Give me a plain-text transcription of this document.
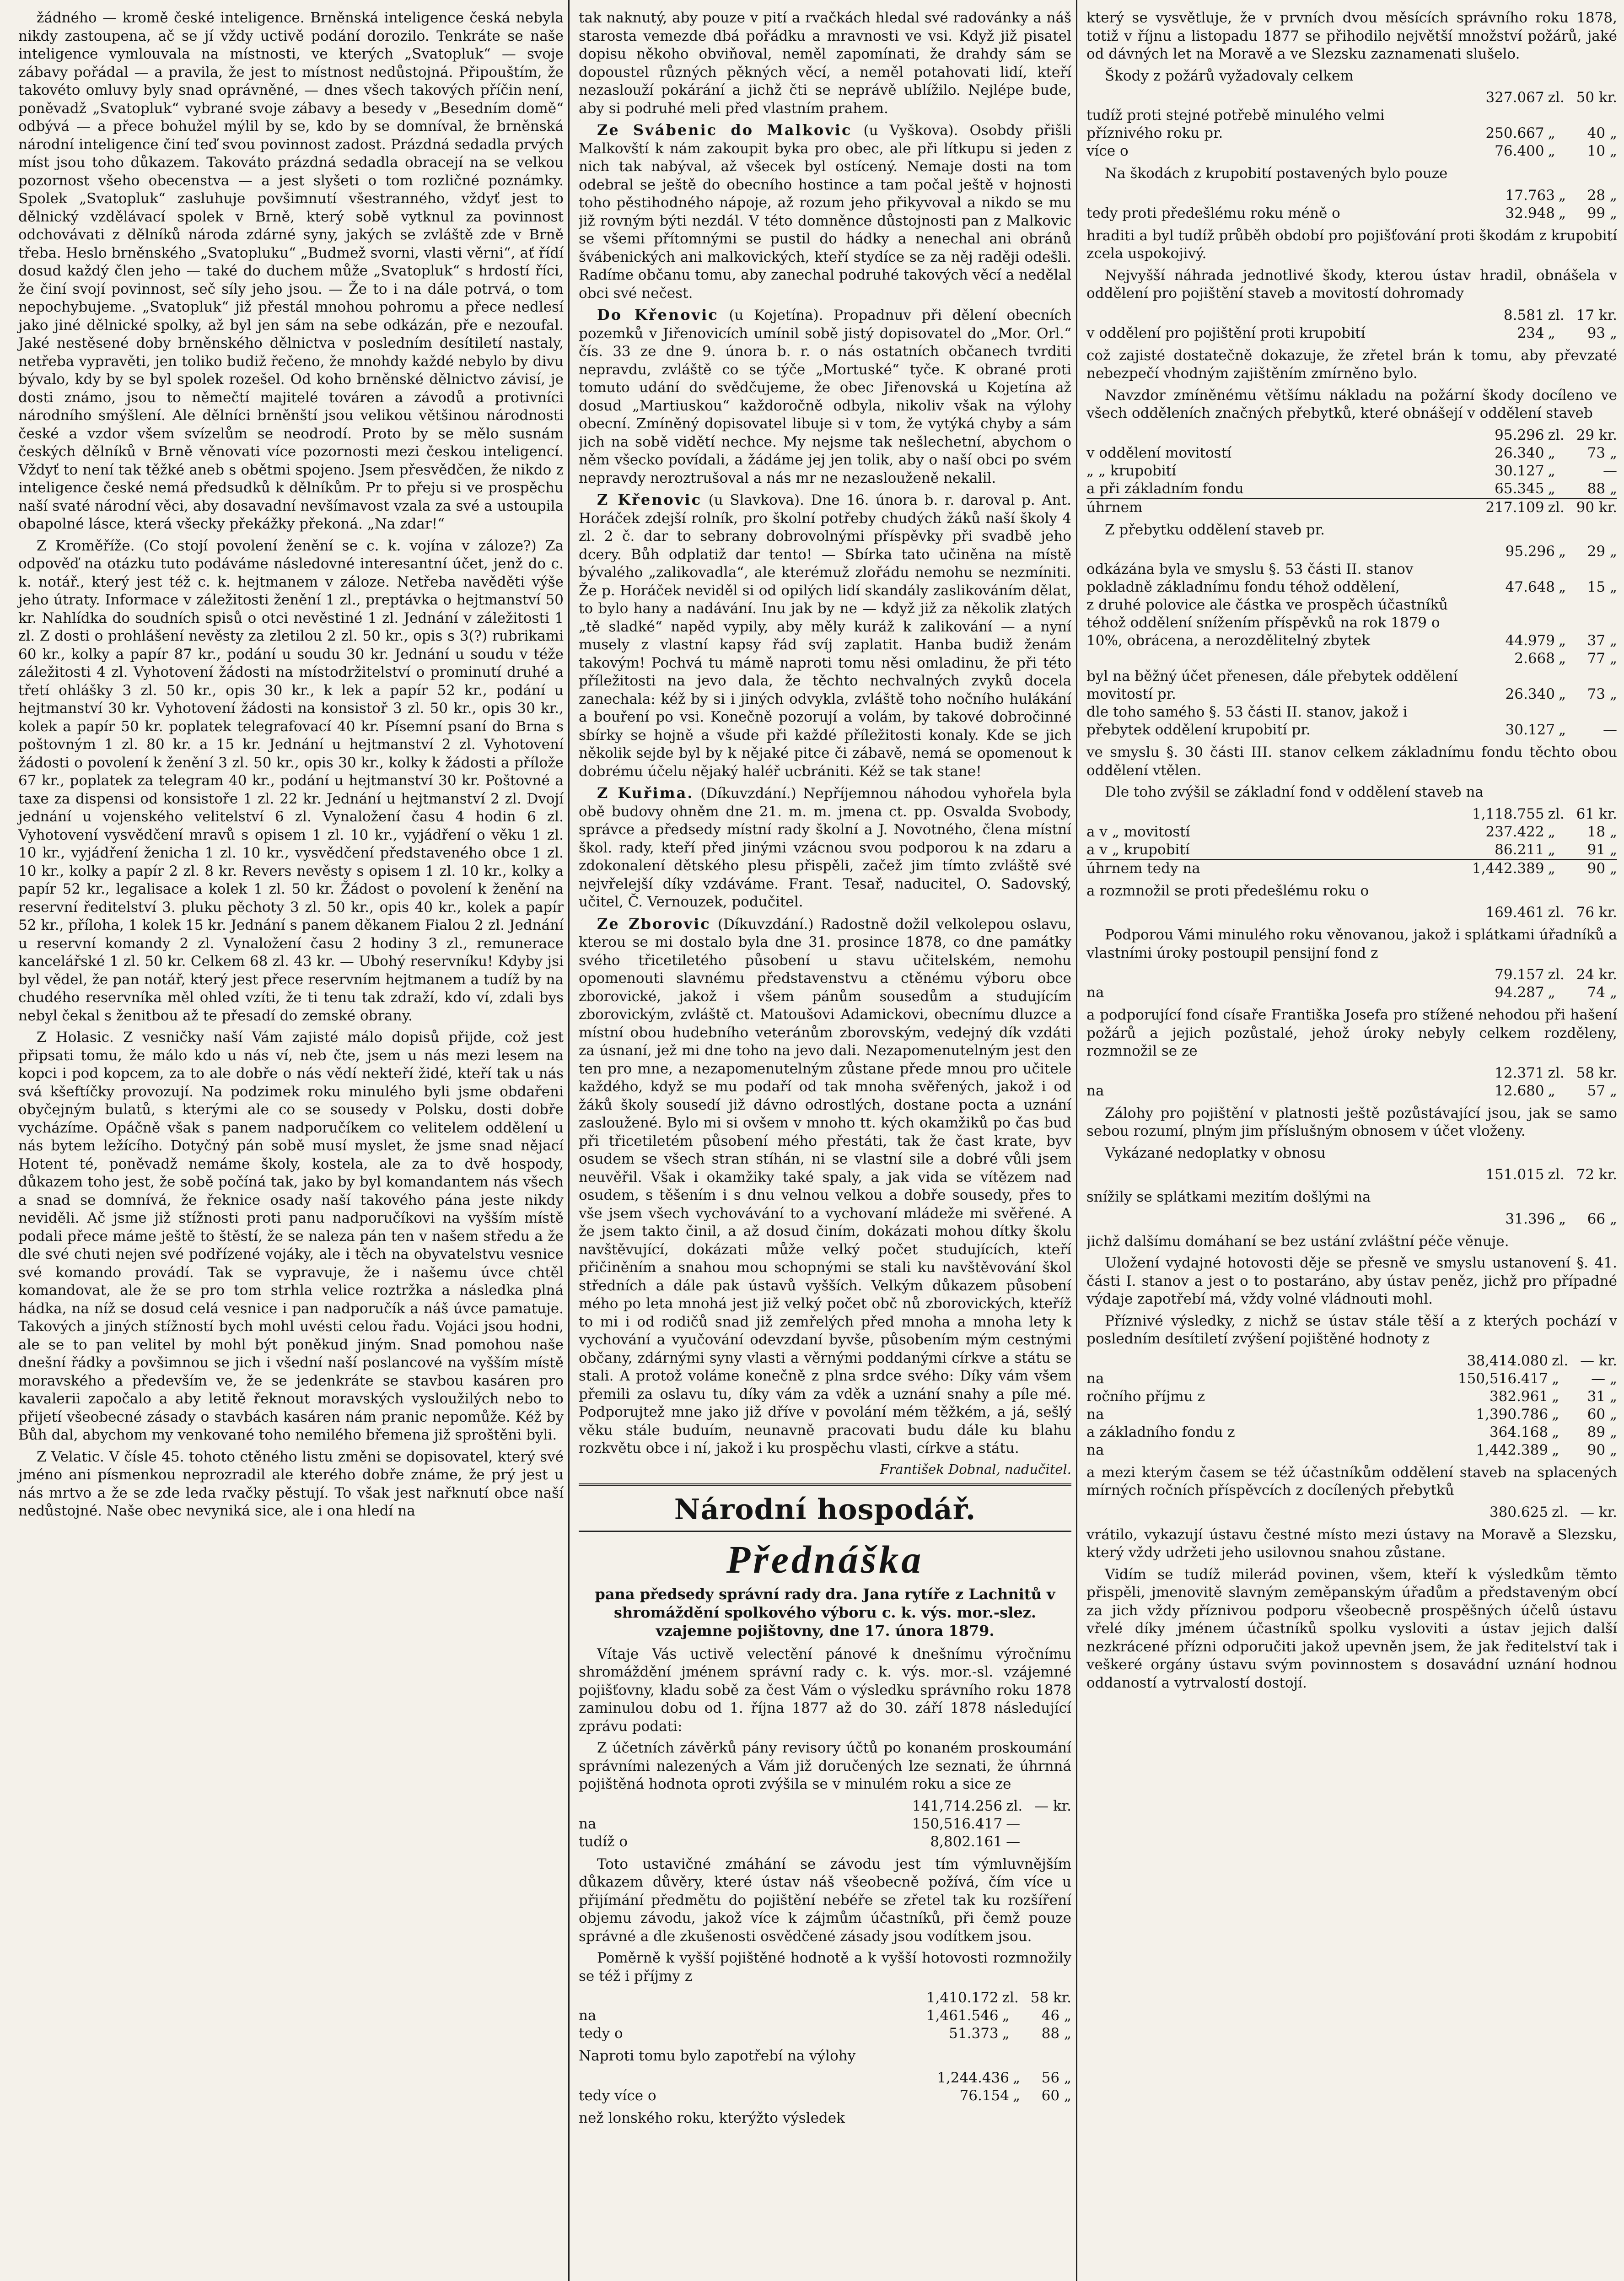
žádného — kromě české inteligence. Brněnská inteligence česká nebyla nikdy zastoupena, ač se jí vždy uctivě podání dorozilo. Tenkráte se naše inteligence vymlouvala na místnosti, ve kterých „Svatopluk“ — svoje zábavy pořádal — a pravila, že jest to místnost nedůstojná. Připouštím, že takovéto omluvy byly snad oprávněné, — dnes všech takových příčin není, poněvadž „Svatopluk“ vybrané svoje zábavy a besedy v „Besedním domě“ odbývá — a přece bohužel mýlil by se, kdo by se domníval, že brněnská národní inteligence činí teď svou povinnost zadost. Prázdná sedadla prvých míst jsou toho důkazem. Takováto prázdná sedadla obracejí na se velkou pozornost všeho obecenstva — a jest slyšeti o tom rozličné poznámky. Spolek „Svatopluk“ zasluhuje povšimnutí všestranného, vždyť jest to dělnický vzdělávací spolek v Brně, který sobě vytknul za povinnost odchovávati z dělníků národa zdárné syny, jakých se zvláště zde v Brně třeba. Heslo brněnského „Svatopluku“ „Budmež svorni, vlasti věrni“, ať řídí dosud každý člen jeho — také do duchem může „Svatopluk“ s hrdostí říci, že činí svojí povinnost, seč síly jeho jsou. — Že to i na dále potrvá, o tom nepochybujeme. „Svatopluk“ již přestál mnohou pohromu a přece nedlesí jako jiné dělnické spolky, až byl jen sám na sebe odkázán, pře e nezoufal. Jaké nestěsené doby brněnského dělnictva v posledním desítiletí nastaly, netřeba vypravěti, jen toliko budiž řečeno, že mnohdy každé nebylo by divu bývalo, kdy by se byl spolek rozešel. Od koho brněnské dělnictvo závisí, je dosti známo, jsou to němečtí majitelé továren a závodů a protivníci národního smýšlení. Ale dělníci brněnští jsou velikou většinou národnosti české a vzdor všem svízelům se neodrodí. Proto by se mělo susnám českých dělníků v Brně věnovati více pozornosti mezi českou inteligencí. Vždyť to není tak těžké aneb s obětmi spojeno. Jsem přesvědčen, že nikdo z inteligence české nemá předsudků k dělníkům. Pr to přeju si ve prospěchu naší svaté národní věci, aby dosavadní nevšímavost vzala za své a ustoupila obapolné lásce, která všecky překážky překoná. „Na zdar!“

Z Kroměříže. (Co stojí povolení ženění se c. k. vojína v záloze?) Za odpověď na otázku tuto podáváme následovné interesantní účet, jenž do c. k. notář., který jest též c. k. hejtmanem v záloze. Netřeba navěděti výše jeho útraty. Informace v záležitosti ženění 1 zl., preptávka o hejtmanství 50 kr. Nahlídka do soudních spisů o otci nevěstiné 1 zl. Jednání v záležitosti 1 zl. Z dosti o prohlášení nevěsty za zletilou 2 zl. 50 kr., opis s 3(?) rubrikami 60 kr., kolky a papír 87 kr., podání u soudu 30 kr. Jednání u soudu v téže záležitosti 4 zl. Vyhotovení žádosti na místodržitelství o prominutí druhé a třetí ohlášky 3 zl. 50 kr., opis 30 kr., k lek a papír 52 kr., podání u hejtmanství 30 kr. Vyhotovení žádosti na konsistoř 3 zl. 50 kr., opis 30 kr., kolek a papír 50 kr. poplatek telegrafovací 40 kr. Písemní psaní do Brna s poštovným 1 zl. 80 kr. a 15 kr. Jednání u hejtmanství 2 zl. Vyhotovení žádosti o povolení k ženění 3 zl. 50 kr., opis 30 kr., kolky k žádosti a přílože 67 kr., poplatek za telegram 40 kr., podání u hejtmanství 30 kr. Poštovné a taxe za dispensi od konsistoře 1 zl. 22 kr. Jednání u hejtmanství 2 zl. Dvojí jednání u vojenského velitelství 6 zl. Vynaložení času 4 hodin 6 zl. Vyhotovení vysvědčení mravů s opisem 1 zl. 10 kr., vyjádření o věku 1 zl. 10 kr., vyjádření ženicha 1 zl. 10 kr., vysvědčení představeného obce 1 zl. 10 kr., kolky a papír 2 zl. 8 kr. Revers nevěsty s opisem 1 zl. 10 kr., kolky a papír 52 kr., legalisace a kolek 1 zl. 50 kr. Žádost o povolení k ženění na reservní ředitelství 3. pluku pěchoty 3 zl. 50 kr., opis 40 kr., kolek a papír 52 kr., příloha, 1 kolek 15 kr. Jednání s panem děkanem Fialou 2 zl. Jednání u reservní komandy 2 zl. Vynaložení času 2 hodiny 3 zl., remunerace kancelářské 1 zl. 50 kr. Celkem 68 zl. 43 kr. — Ubohý reservníku! Kdyby jsi byl vědel, že pan notář, který jest přece reservním hejtmanem a tudíž by na chudého reservníka měl ohled vzíti, že ti tenu tak zdraží, kdo ví, zdali bys nebyl čekal s ženitbou až te přesadí do zemské obrany.

Z Holasic. Z vesničky naší Vám zajisté málo dopisů přijde, což jest připsati tomu, že málo kdo u nás ví, neb čte, jsem u nás mezi lesem na kopci i pod kopcem, za to ale dobře o nás vědí nekteří židé, kteří tak u nás svá kšeftíčky provozují. Na podzimek roku minulého byli jsme obdařeni obyčejným bulatů, s kterými ale co se sousedy v Polsku, dosti dobře vycházíme. Opáčně však s panem nadporučíkem co velitelem oddělení u nás bytem ležícího. Dotyčný pán sobě musí myslet, že jsme snad nějací Hotent té, poněvadž nemáme školy, kostela, ale za to dvě hospody, důkazem toho jest, že sobě počíná tak, jako by byl komandantem nás všech a snad se domnívá, že řeknice osady naší takového pána jeste nikdy neviděli. Ač jsme již stížnosti proti panu nadporučíkovi na vyšším místě podali přece máme ještě to štěstí, že se naleza pán ten v našem středu a že dle své chuti nejen své podřízené vojáky, ale i těch na obyvatelstvu vesnice své komando provádí. Tak se vypravuje, že i našemu úvce chtěl komandovat, ale že se pro tom strhla velice roztržka a následka plná hádka, na níž se dosud celá vesnice i pan nadporučík a náš úvce pamatuje. Takových a jiných stížností bych mohl uvésti celou řadu. Vojáci jsou hodni, ale se to pan velitel by mohl být poněkud jiným. Snad pomohou naše dnešní řádky a povšimnou se jich i všední naší poslancové na vyšším místě moravského a především ve, že se jedenkráte se stavbou kasáren pro kavalerii započalo a aby letitě řeknout moravských vysloužilých nebo to přijetí všeobecné zásady o stavbách kasáren nám pranic nepomůže. Kéž by Bůh dal, abychom my venkované toho nemilého břemena již sproštěni byli.

Z Velatic. V čísle 45. tohoto ctěného listu změni se dopisovatel, který své jméno ani písmenkou neprozradil ale kterého dobře známe, že prý jest u nás mrtvo a že se zde leda rvačky pěstují. To však jest nařknutí obce naší nedůstojné. Naše obec nevyniká sice, ale i ona hledí na

tak naknutý, aby pouze v pití a rvačkách hledal své radovánky a náš starosta vemezde dbá pořádku a mravnosti ve vsi. Když již pisatel dopisu někoho obviňoval, neměl zapomínati, že drahdy sám se dopoustel různých pěkných věcí, a neměl potahovati lidí, kteří nezaslouží pokárání a jichž čti se neprávě ublížilo. Nejlépe bude, aby si podruhé meli před vlastním prahem.

Ze Svábenic do Malkovic (u Vyškova). Osobdy přišli Malkovští k nám zakoupit byka pro obec, ale při lítkupu si jeden z nich tak nabýval, až všecek byl ostícený. Nemaje dosti na tom odebral se ještě do obecního hostince a tam počal ještě v hojnosti toho pěstihodného nápoje, až rozum jeho přikyvoval a nikdo se mu již rovným býti nezdál. V této domněnce důstojnosti pan z Malkovic se všemi přítomnými se pustil do hádky a nenechal ani obránů švábenických ani malkovických, kteří stydíce se za něj raději odešli. Radíme občanu tomu, aby zanechal podruhé takových věcí a nedělal obci své nečest.

Do Křenovic (u Kojetína). Propadnuv při dělení obecních pozemků v Jiřenovicích umínil sobě jistý dopisovatel do „Mor. Orl.“ čís. 33 ze dne 9. února b. r. o nás ostatních občanech tvrditi nepravdu, zvláště co se týče „Mortuské“ tyče. K obrané proti tomuto udání do svědčujeme, že obec Jiřenovská u Kojetína až dosud „Martiuskou“ každoročně odbyla, nikoliv však na výlohy obecní. Zmíněný dopisovatel libuje si v tom, že vytýká chyby a sám jich na sobě vidětí nechce. My nejsme tak nešlechetní, abychom o něm všecko povídali, a žádáme jej jen tolik, aby o naší obci po svém nepravdy neroztrušoval a nás mr ne nezaslouženě nekalil.

Z Křenovic (u Slavkova). Dne 16. února b. r. daroval p. Ant. Horáček zdejší rolník, pro školní potřeby chudých žáků naší školy 4 zl. 2 č. dar to sebrany dobrovolnými příspěvky při svadbě jeho dcery. Bůh odplatiž dar tento! — Sbírka tato učiněna na místě bývalého „zalikovadla“, ale kterémuž zlořádu nemohu se nezmíniti. Že p. Horáček neviděl si od opilých lidí skandály zaslikováním dělat, to bylo hany a nadávání. Inu jak by ne — když již za několik zlatých „tě sladké“ napěd vypily, aby měly kuráž k zalikování — a nyní musely z vlastní kapsy řád svíj zaplatit. Hanba budiž ženám takovým! Pochvá tu mámě naproti tomu něsi omladinu, že při této příležitosti na jevo dala, že těchto nechvalných zvyků docela zanechala: kéž by si i jiných odvykla, zvláště toho nočního hulákání a bouření po vsi. Konečně pozorují a volám, by takové dobročinné sbírky se hojně a všude při každé příležitosti konaly. Kde se jich několik sejde byl by k nějaké pitce či zábavě, nemá se opomenout k dobrému účelu nějaký haléř ucbrániti. Kéž se tak stane!

Z Kuřima. (Díkuvzdání.) Nepříjemnou náhodou vyhořela byla obě budovy ohněm dne 21. m. m. jmena ct. pp. Osvalda Svobody, správce a předsedy místní rady školní a J. Novotného, člena místní škol. rady, kteří před jinými vzácnou svou podporou k na zdaru a zdokonalení dětského plesu přispěli, začež jim tímto zvláště své nejvřelejší díky vzdáváme. Frant. Tesař, naducitel, O. Sadovský, učitel, Č. Vernouzek, podučitel.

Ze Zborovic (Díkuvzdání.) Radostně dožil velkolepou oslavu, kterou se mi dostalo byla dne 31. prosince 1878, co dne památky svého třicetiletého působení u stavu učitelském, nemohu opomenouti slavnému představenstvu a ctěnému výboru obce zborovické, jakož i všem pánům sousedům a studujícím zborovickým, zvláště ct. Matoušovi Adamickovi, obecnímu dluzce a místní obou hudebního veteránům zborovským, vedejný dík vzdáti za úsnaní, jež mi dne toho na jevo dali. Nezapomenutelným jest den ten pro mne, a nezapomenutelným zůstane přede mnou pro učitele každého, když se mu podaří od tak mnoha svěřených, jakož i od žáků školy sousedí již dávno odrostlých, dostane pocta a uznání zasloužené. Bylo mi si ovšem v mnoho tt. kých okamžiků po čas bud při třicetiletém působení mého přestáti, tak že čast krate, byv osudem se všech stran stíhán, ni se vlastní sile a dobré vůli jsem neuvěřil. Však i okamžiky také spaly, a jak vida se vítězem nad osudem, s těšením i s dnu velnou velkou a dobře sousedy, přes to vše jsem všech vychovávání to a vychovaní mládeže mi svěřené. A že jsem takto činil, a až dosud činím, dokázati mohou dítky školu navštěvující, dokázati může velký počet studujících, kteří přičiněním a snahou mou schopnými se stali ku navštěvování škol středních a dále pak ústavů vyšších. Velkým důkazem působení mého po leta mnohá jest již velký počet obč nů zborovických, kteříž to mi i od rodičů snad již zemřelých před mnoha a mnoha lety k vychování a vyučování odevzdaní byvše, působením mým cestnými občany, zdárnými syny vlasti a věrnými poddanými církve a státu se stali. A protož voláme konečně z plna srdce svého: Díky vám všem přemili za oslavu tu, díky vám za vděk a uznání snahy a píle mé. Podporujtež mne jako již dříve v povolání mém těžkém, a já, sešlý věku stále buduím, neunavně pracovati budu dále ku blahu rozkvětu obce i ní, jakož i ku prospěchu vlasti, církve a státu.

František Dobnal, nadučitel.
Národní hospodář.
Přednáška
pana předsedy správní rady dra. Jana rytíře z Lachnitů v shromáždění spolkového výboru c. k. výs. mor.-slez. vzajemne pojištovny, dne 17. února 1879.

Vítaje Vás uctivě velectění pánové k dnešnímu výročnímu shromáždění jménem správní rady c. k. výs. mor.-sl. vzájemné pojišťovny, kladu sobě za čest Vám o výsledku správního roku 1878 zaminulou dobu od 1. října 1877 až do 30. září 1878 následující zprávu podati:

Z účetních závěrků pány revisory účtů po konaném proskoumání správními nalezených a Vám již doručených lze seznati, že úhrnná pojištěná hodnota oproti zvýšila se v minulém roku a sice ze

	141,714.256	zl.	— kr.
na	150,516.417	—	
tudíž o	8,802.161	—	

Toto ustavičné zmáhání se závodu jest tím výmluvnějším důkazem důvěry, které ústav náš všeobecně požívá, čím více u přijímání předmětu do pojištění nebéře se zřetel tak ku rozšíření objemu závodu, jakož více k zájmům účastníků, při čemž pouze správné a dle zkušenosti osvědčené zásady jsou vodítkem jsou.

Poměrně k vyšší pojištěné hodnotě a k vyšší hotovosti rozmnožily se též i příjmy z

	1,410.172	zl.	58 kr.
na	1,461.546	„	46 „
tedy o	51.373	„	88 „

Naproti tomu bylo zapotřebí na výlohy

	1,244.436	„	56 „
tedy více o	76.154	„	60 „

než lonského roku, kterýžto výsledek

který se vysvětluje, že v prvních dvou měsících správního roku 1878, totiž v říjnu a listopadu 1877 se přihodilo největší množství požárů, jaké od dávných let na Moravě a ve Slezsku zaznamenati slušelo.

Škody z požárů vyžadovaly celkem

	327.067	zl.	50 kr.
tudíž proti stejné potřebě minulého velmi příznivého roku pr.	250.667	„	40 „
více o	76.400	„	10 „

Na škodách z krupobití postavených bylo pouze

	17.763	„	28 „
tedy proti předešlému roku méně o	32.948	„	99 „

hraditi a byl tudíž průběh období pro pojišťování proti škodám z krupobití zcela uspokojivý.

Nejvyšší náhrada jednotlivé škody, kterou ústav hradil, obnášela v oddělení pro pojištění staveb a movitostí dohromady

	8.581	zl.	17 kr.
v oddělení pro pojištění proti krupobití	234	„	93 „

což zajisté dostatečně dokazuje, že zřetel brán k tomu, aby převzaté nebezpečí vhodným zajištěním zmírněno bylo.

Navzdor zmíněnému většímu nákladu na požární škody docíleno ve všech odděleních značných přebytků, které obnášejí v oddělení staveb

	95.296	zl.	29 kr.
v oddělení movitostí	26.340	„	73 „
„ „ krupobití	30.127	„	—
a při základním fondu	65.345	„	88 „
úhrnem	217.109	zl.	90 kr.

Z přebytku oddělení staveb pr.

	95.296	„	29 „
odkázána byla ve smyslu §. 53 části II. stanov pokladně základnímu fondu téhož oddělení,	47.648	„	15 „
z druhé polovice ale částka ve prospěch účastníků téhož oddělení snížením příspěvků na rok 1879 o 10%, obrácena, a nerozdělitelný zbytek	44.979	„	37 „
	2.668	„	77 „
byl na běžný účet přenesen, dále přebytek oddělení movitostí pr.	26.340	„	73 „
dle toho samého §. 53 části II. stanov, jakož i přebytek oddělení krupobití pr.	30.127	„	—

ve smyslu §. 30 části III. stanov celkem základnímu fondu těchto obou oddělení vtělen.

Dle toho zvýšil se základní fond v oddělení staveb na

	1,118.755	zl.	61 kr.
a v „ movitostí	237.422	„	18 „
a v „ krupobití	86.211	„	91 „
úhrnem tedy na	1,442.389	„	90 „

a rozmnožil se proti předešlému roku o

	169.461	zl.	76 kr.

Podporou Vámi minulého roku věnovanou, jakož i splátkami úřadníků a vlastními úroky postoupil pensijní fond z

	79.157	zl.	24 kr.
na	94.287	„	74 „

a podporující fond císaře Františka Josefa pro stížené nehodou při hašení požárů a jejich pozůstalé, jehož úroky nebyly celkem rozděleny, rozmnožil se ze

	12.371	zl.	58 kr.
na	12.680	„	57 „

Zálohy pro pojištění v platnosti ještě pozůstávající jsou, jak se samo sebou rozumí, plným jim příslušným obnosem v účet vloženy.

Vykázané nedoplatky v obnosu

	151.015	zl.	72 kr.

snížily se splátkami mezitím došlými na

	31.396	„	66 „

jichž dalšímu domáhaní se bez ustání zvláštní péče věnuje.

Uložení vydajné hotovosti děje se přesně ve smyslu ustanovení §. 41. části I. stanov a jest o to postaráno, aby ústav peněz, jichž pro případné výdaje zapotřebí má, vždy volné vládnouti mohl.

Příznivé výsledky, z nichž se ústav stále těší a z kterých pochází v posledním desítiletí zvýšení pojištěné hodnoty z

	38,414.080	zl.	— kr.
na	150,516.417	„	— „
ročního příjmu z	382.961	„	31 „
na	1,390.786	„	60 „
a základního fondu z	364.168	„	89 „
na	1,442.389	„	90 „

a mezi kterým časem se též účastníkům oddělení staveb na splacených mírných ročních příspěvcích z docílených přebytků

	380.625	zl.	— kr.

vrátilo, vykazují ústavu čestné místo mezi ústavy na Moravě a Slezsku, který vždy udržeti jeho usilovnou snahou zůstane.

Vidím se tudíž milerád povinen, všem, kteří k výsledkům těmto přispěli, jmenovitě slavným zeměpanským úřadům a představeným obcí za jich vždy příznivou podporu všeobecně prospěšných účelů ústavu vřelé díky jménem účastníků spolku vysloviti a ústav jejich další nezkrácené přízni odporučiti jakož upevněn jsem, že jak ředitelství tak i veškeré orgány ústavu svým povinnostem s dosavádní uznání hodnou oddaností a vytrvalostí dostojí.
